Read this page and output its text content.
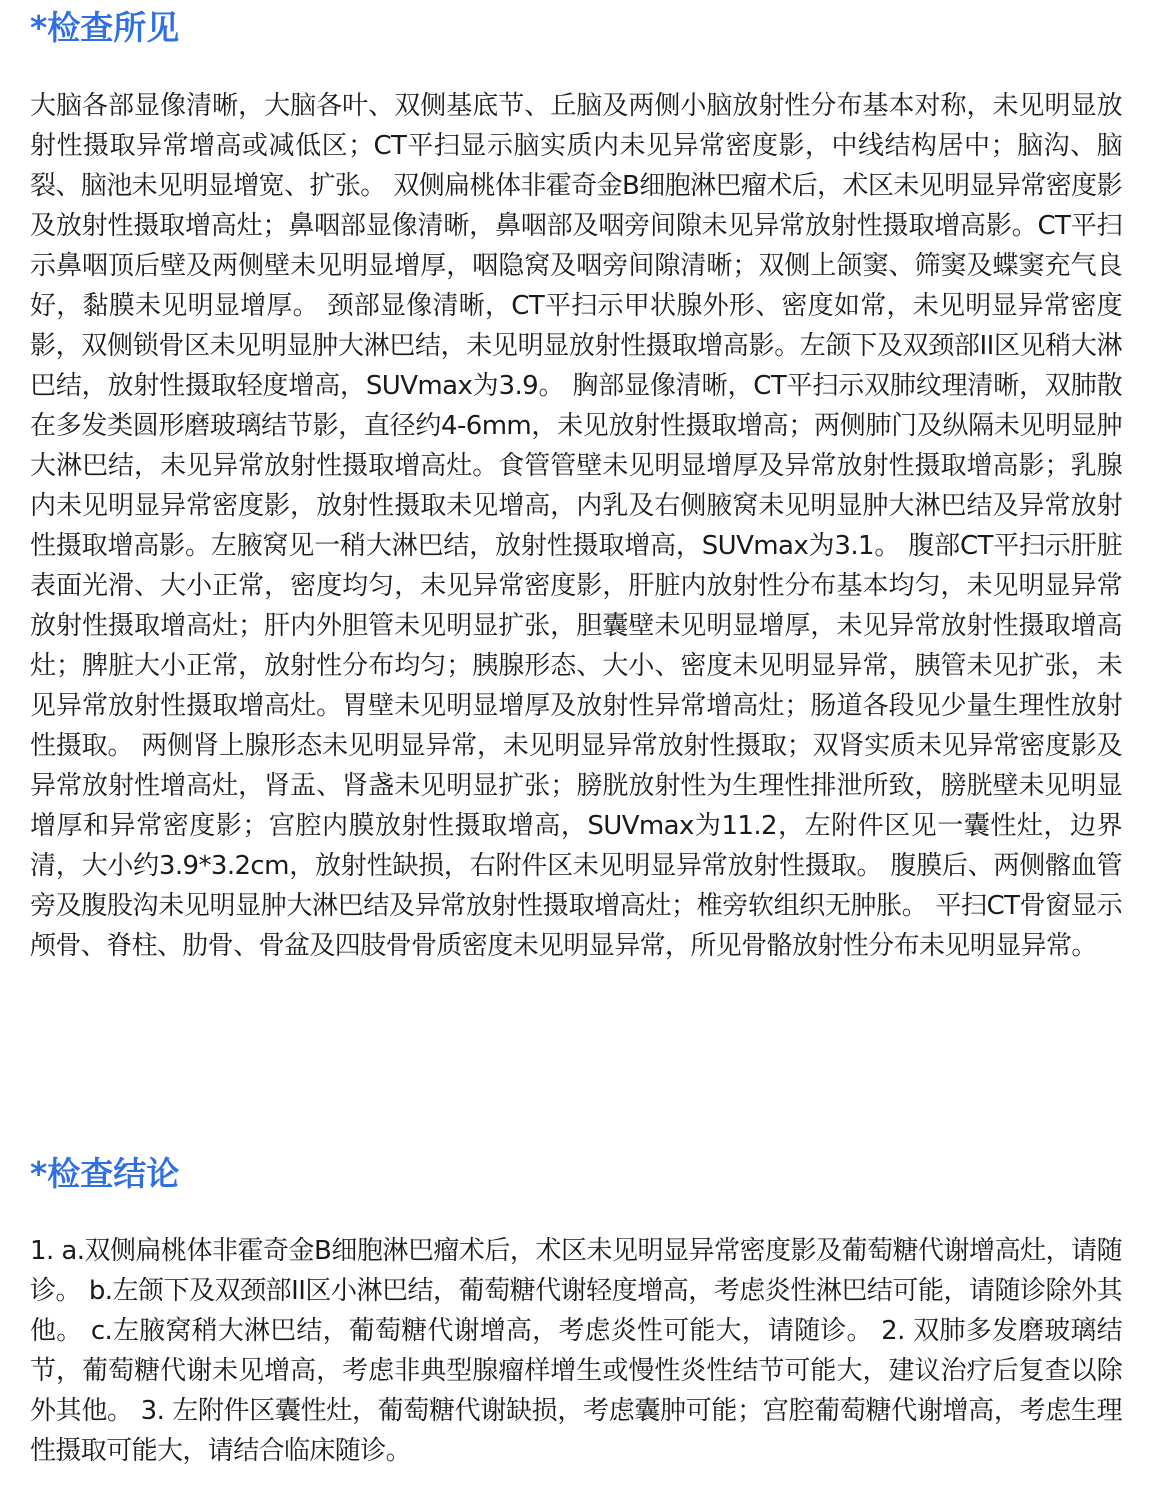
*检查所见

大脑各部显像清晰，大脑各叶、双侧基底节、丘脑及两侧小脑放射性分布基本对称，未见明显放射性摄取异常增高或减低区；CT平扫显示脑实质内未见异常密度影，中线结构居中；脑沟、脑裂、脑池未见明显增宽、扩张。 双侧扁桃体非霍奇金B细胞淋巴瘤术后，术区未见明显异常密度影及放射性摄取增高灶；鼻咽部显像清晰，鼻咽部及咽旁间隙未见异常放射性摄取增高影。CT平扫示鼻咽顶后壁及两侧壁未见明显增厚，咽隐窝及咽旁间隙清晰；双侧上颌窦、筛窦及蝶窦充气良好，黏膜未见明显增厚。 颈部显像清晰，CT平扫示甲状腺外形、密度如常，未见明显异常密度影，双侧锁骨区未见明显肿大淋巴结，未见明显放射性摄取增高影。左颌下及双颈部II区见稍大淋巴结，放射性摄取轻度增高，SUVmax为3.9。 胸部显像清晰，CT平扫示双肺纹理清晰，双肺散在多发类圆形磨玻璃结节影，直径约4-6mm，未见放射性摄取增高；两侧肺门及纵隔未见明显肿大淋巴结，未见异常放射性摄取增高灶。食管管壁未见明显增厚及异常放射性摄取增高影；乳腺内未见明显异常密度影，放射性摄取未见增高，内乳及右侧腋窝未见明显肿大淋巴结及异常放射性摄取增高影。左腋窝见一稍大淋巴结，放射性摄取增高，SUVmax为3.1。 腹部CT平扫示肝脏表面光滑、大小正常，密度均匀，未见异常密度影，肝脏内放射性分布基本均匀，未见明显异常放射性摄取增高灶；肝内外胆管未见明显扩张，胆囊壁未见明显增厚，未见异常放射性摄取增高灶；脾脏大小正常，放射性分布均匀；胰腺形态、大小、密度未见明显异常，胰管未见扩张，未见异常放射性摄取增高灶。胃壁未见明显增厚及放射性异常增高灶；肠道各段见少量生理性放射性摄取。 两侧肾上腺形态未见明显异常，未见明显异常放射性摄取；双肾实质未见异常密度影及异常放射性增高灶，肾盂、肾盏未见明显扩张；膀胱放射性为生理性排泄所致，膀胱壁未见明显增厚和异常密度影；宫腔内膜放射性摄取增高，SUVmax为11.2，左附件区见一囊性灶，边界清，大小约3.9*3.2cm，放射性缺损，右附件区未见明显异常放射性摄取。 腹膜后、两侧髂血管旁及腹股沟未见明显肿大淋巴结及异常放射性摄取增高灶；椎旁软组织无肿胀。 平扫CT骨窗显示颅骨、脊柱、肋骨、骨盆及四肢骨骨质密度未见明显异常，所见骨骼放射性分布未见明显异常。

*检查结论

1. a.双侧扁桃体非霍奇金B细胞淋巴瘤术后，术区未见明显异常密度影及葡萄糖代谢增高灶，请随诊。 b.左颌下及双颈部II区小淋巴结，葡萄糖代谢轻度增高，考虑炎性淋巴结可能，请随诊除外其他。 c.左腋窝稍大淋巴结，葡萄糖代谢增高，考虑炎性可能大，请随诊。 2. 双肺多发磨玻璃结节，葡萄糖代谢未见增高，考虑非典型腺瘤样增生或慢性炎性结节可能大，建议治疗后复查以除外其他。 3. 左附件区囊性灶，葡萄糖代谢缺损，考虑囊肿可能；宫腔葡萄糖代谢增高，考虑生理性摄取可能大，请结合临床随诊。
